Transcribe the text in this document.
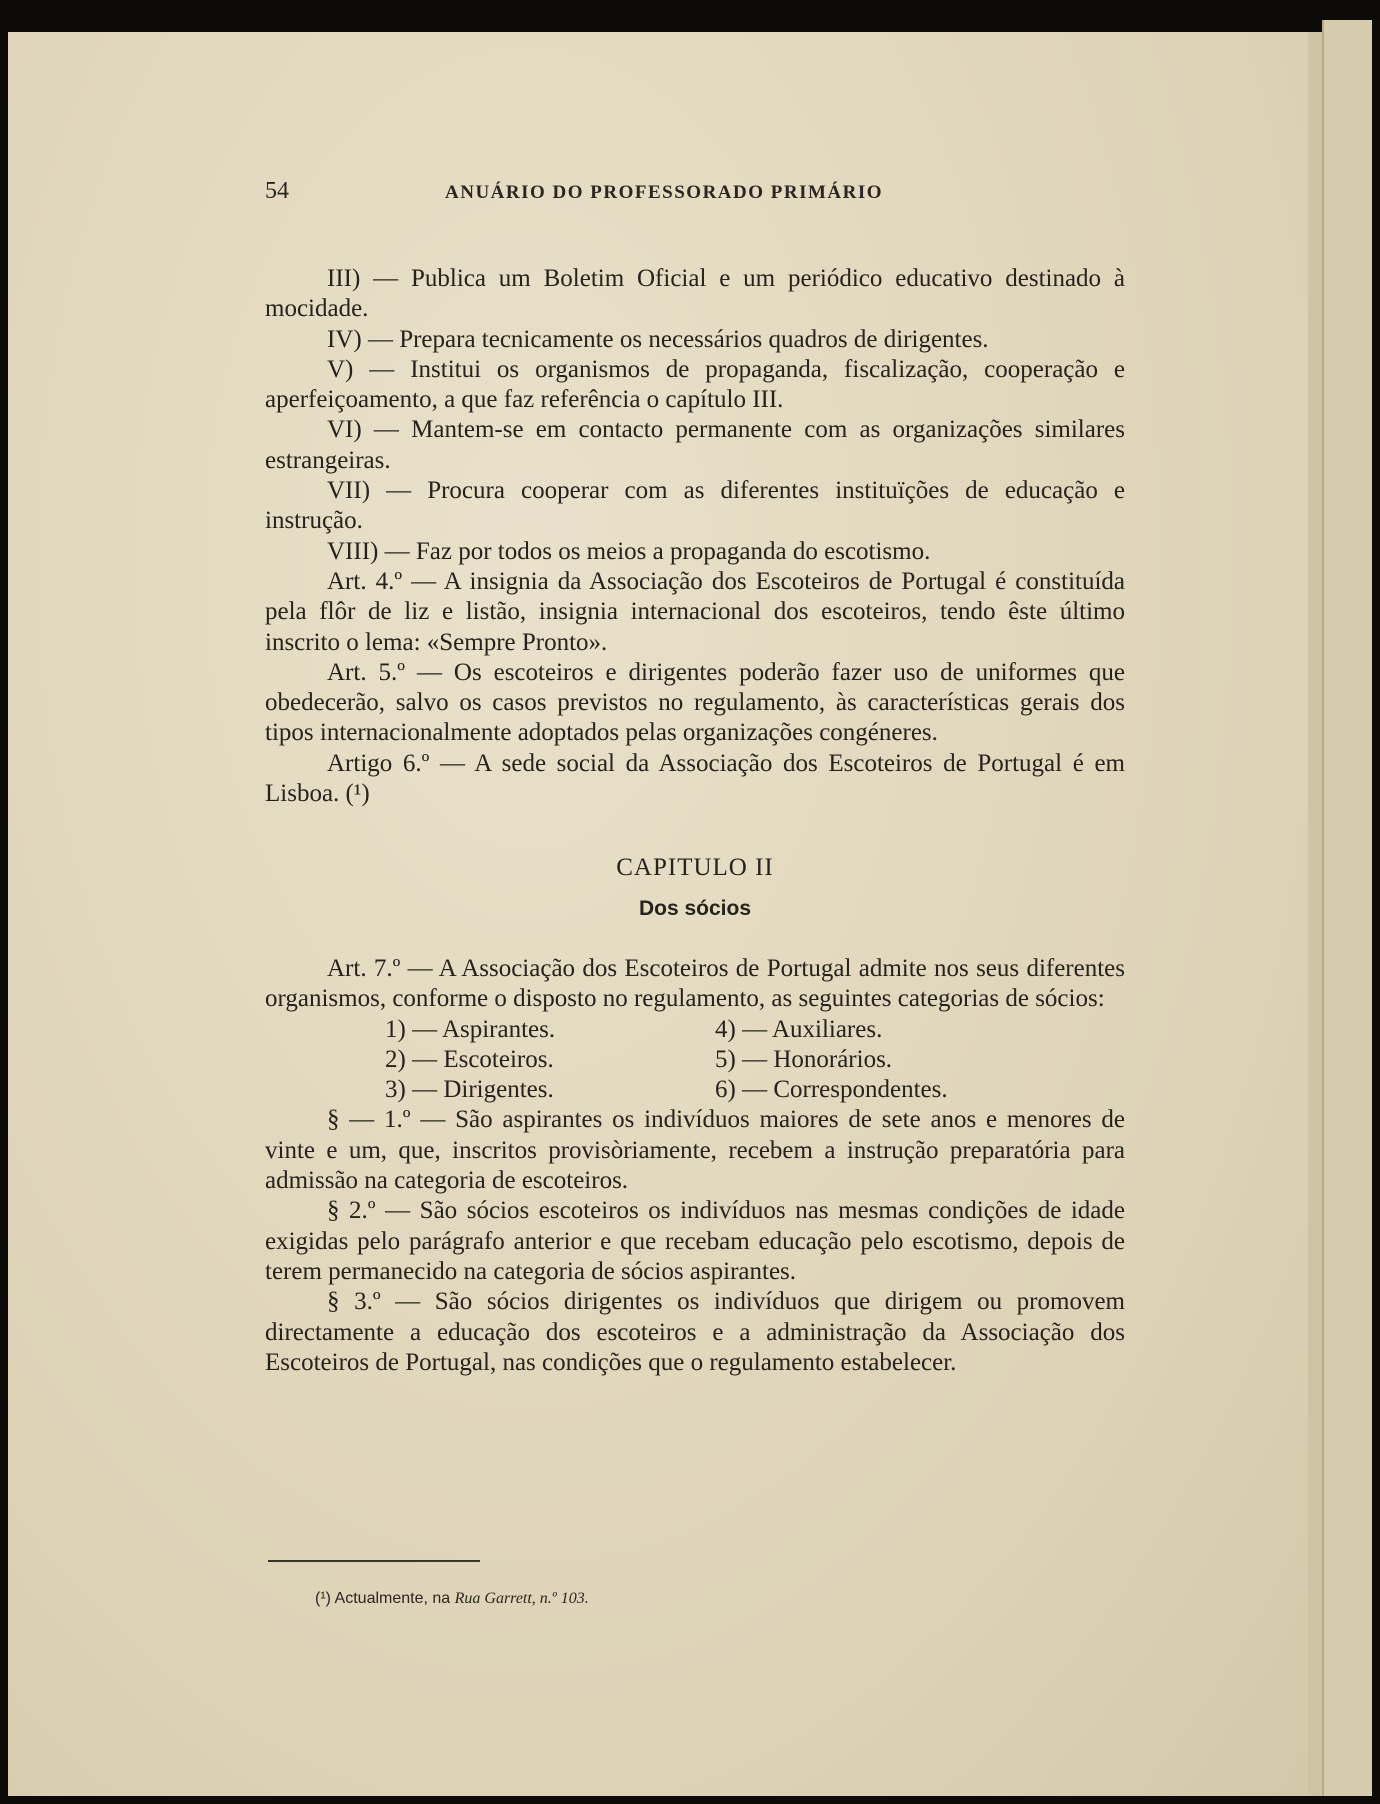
54	ANUÁRIO DO PROFESSORADO PRIMÁRIO

III) — Publica um Boletim Oficial e um periódico educativo destinado à mocidade.

IV) — Prepara tecnicamente os necessários quadros de dirigentes.

V) — Institui os organismos de propaganda, fiscalização, cooperação e aperfeiçoamento, a que faz referência o capítulo III.

VI) — Mantem-se em contacto permanente com as organizações similares estrangeiras.

VII) — Procura cooperar com as diferentes instituïções de educação e instrução.

VIII) — Faz por todos os meios a propaganda do escotismo.

Art. 4.º — A insignia da Associação dos Escoteiros de Portugal é constituída pela flôr de liz e listão, insignia internacional dos escoteiros, tendo êste último inscrito o lema: «Sempre Pronto».

Art. 5.º — Os escoteiros e dirigentes poderão fazer uso de uniformes que obedecerão, salvo os casos previstos no regulamento, às características gerais dos tipos internacionalmente adoptados pelas organizações congéneres.

Artigo 6.º — A sede social da Associação dos Escoteiros de Portugal é em Lisboa. (¹)

CAPITULO II

Dos sócios

Art. 7.º — A Associação dos Escoteiros de Portugal admite nos seus diferentes organismos, conforme o disposto no regulamento, as seguintes categorias de sócios:

1) — Aspirantes.	4) — Auxiliares.
2) — Escoteiros.	5) — Honorários.
3) — Dirigentes.	6) — Correspondentes.

§ — 1.º — São aspirantes os indivíduos maiores de sete anos e menores de vinte e um, que, inscritos provisòriamente, recebem a instrução preparatória para admissão na categoria de escoteiros.

§ 2.º — São sócios escoteiros os indivíduos nas mesmas condições de idade exigidas pelo parágrafo anterior e que recebam educação pelo escotismo, depois de terem permanecido na categoria de sócios aspirantes.

§ 3.º — São sócios dirigentes os indivíduos que dirigem ou promovem directamente a educação dos escoteiros e a administração da Associação dos Escoteiros de Portugal, nas condições que o regulamento estabelecer.

(¹) Actualmente, na Rua Garrett, n.º 103.
